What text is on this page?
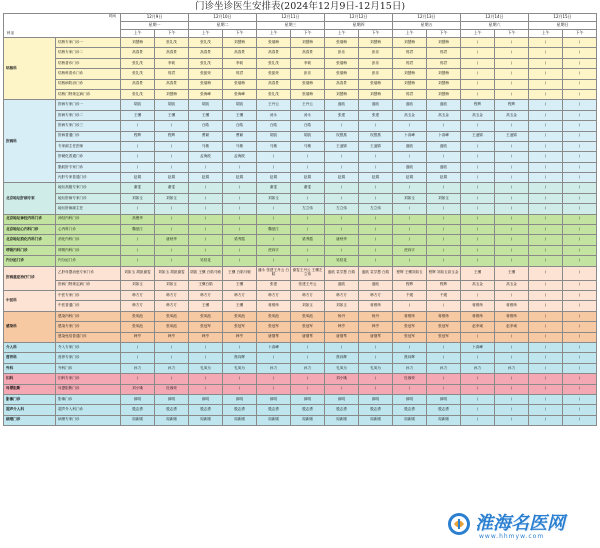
门诊坐诊医生安排表(2024年12月9日-12月15日)
时间
科室		12月9日		12月10日		12月11日		12月12日		12月13日		12月14日		12月15日	
		星期一		星期二		星期三		星期四		星期五		星期六		星期日	
		上午	下午	上午	下午	上午	下午	上午	下午	上午	下午	上午	下午	上午	下午
结核科	结核专家门诊一	刘慧梅	张礼茂	张礼茂	刘慧梅	张瑞梅	刘慧梅	张瑞梅	刘慧梅	刘慧梅	刘慧梅	/	/	/	/
	结核专家门诊二	高春景	高春景	高春景	高春景	高春景	高春景	彭乐	彭乐	郭君	郭君	/	/	/	/
	结核普诊门诊	张礼茂	李莉	张礼茂	李莉	张礼茂	李莉	张瑞梅	彭乐	郭君	郭君	/	/	/	/
	结核科普诊门诊	张礼茂	郭君	张振荣	郭君	张振荣	彭乐	张瑞梅	彭乐	刘慧梅	刘慧梅	/	/	/	/
	结核病防治门诊	高春景	高春景	张瑞梅	张瑞梅	高春景	张瑞梅	高春景	张瑞梅	刘慧梅	刘慧梅	/	/	/	/
	结核门特规定病门诊	张礼茂	刘慧梅	张海峰	张海峰	张礼茂	张瑞梅	刘慧梅	刘慧梅	郭君	刘慧梅	/	/	/	/
肝病科	肝病专家门诊一	胡凯	胡凯	胡凯	胡凯	王丹云	王丹云	盛欧	盛欧	盛欧	盛欧	程辉	程辉	/	/
	肝病专家门诊二	王骥	王骥	王骥	王骥	汤永	汤永	张建	张建	高玉金	高玉金	高玉金	高玉金	/	/
	肝病专家门诊三	/	/	白皓	白皓	白皓	白皓	/	/	/	/	/	/	/	/
	肝病普通门诊	程辉	程辉	曹颖	曹颖	胡凯	胡凯	权银燕	权银燕	卜高峰	卜高峰	王凌锦	王凌锦	/	/
	专家副主任医师	/	/	马敏	马敏	马敏	马敏	王凌锦	王凌锦	盛欧	盛欧	/	/	/	/
	肝硬化普通门诊	/	/	孟海波	孟海波	/	/	/	/	/	/	/	/	/	/
	脂肪肝专家门诊	/	/	/	/	/	/	/	/	盛欧	盛欧	/	/	/	/
	丙肝专家普通门诊	赵娟	赵娟	赵娟	赵娟	赵娟	赵娟	赵娟	赵娟	赵娟	赵娟	/	/	/	/
北京地坛肝病专家	地坛高级专家门诊	谢雯	谢雯	/	/	谢雯	谢雯	/	/	/	/	/	/	/	/
	地坛肝病专家门诊	刘如玉	刘如玉	/	/	刘如玉	/	/	/	刘如玉	刘如玉	/	/	/	/
	地坛肝病副主任	/	/	/	/	/	左立伟	左立伟	左立伟	/	/	/	/	/	/
北京地坛神经内科门诊	神经内科门诊	高俊华	/	/	/	/	/	/	/	/	/	/	/	/	/
北京地坛心内科门诊	心内科门诊	魏爱江	/	/	/	魏爱江	/	/	/	/	/	/	/	/	/
北京地坛消化内科门诊	消化内科门诊	/	唐秋华	/	梁秀霞	/	梁秀霞	唐秋华	/	/	/	/	/	/	/
呼吸内科门诊	呼吸内科门诊	/	/	/	/	虎向宇	/	/	/	虎向宇	/	/	/	/	/
内分泌门诊	内分泌门诊	/	/	吴桂花	/	/	/	吴桂花	/	/	/	/	/	/	/
肝病重症治疗门诊	乙肝母婴治愈专家门诊	刘如玉 胡凯谢雯	刘如玉 胡凯谢雯	胡凯 王骥 白皓马敏	王骥 白皓马敏	潘永 张建王丹云 白皓	谢雯王丹云 王骥左立伟	盛欧 袁学慧 白皓	盛欧 袁学慧 白皓	程辉 王骥刘如玉	程辉 刘如玉高玉金	王骥	王骥	/	/
	肝病门特规定病门诊	刘如玉	刘如玉	王骥白皓	王骥	张建	张建王丹云	盛欧	盛欧	程辉	程辉	高玉金	高玉金	/	/
中医科	中医专家门诊	韩方方	韩方方	韩方方	韩方方	韩方方	韩方方	韩方方	韩方方	千媛	千媛	/	/	/	/
	中医普通门诊	韩方方	韩方方	王骥	王骥	蒋维炜	刘如玉	刘如玉	蒋维炜	/	/	蒋维炜	蒋维炜	/	/
感染科	感染内科门诊	张凤池	张凤池	张凤池	张凤池	张凤池	张凤池	杨丹	杨丹	蒋维炜	蒋维炜	蒋维炜	蒋维炜	/	/
	感染专家门诊	张凤池	张凤池	张冠军	张冠军	张冠军	张冠军	韩亨	韩亨	张冠军	张冠军	赵孝诚	赵孝诚	/	/
	感染免疫普通门诊	韩亨	韩亨	韩亨	韩亨	唐继琴	唐继琴	唐继琴	唐继琴	张冠军	张冠军	/	/	/	/
介入科	介入专家门诊	/	/	/	/	卜高峰	/	/	/	/	/	卜高峰	/	/	/
营养科	营养专家门诊	/	/	/	焦向辉	/	/	焦向辉	/	焦向辉	/	/	/	/	/
外科	外科门诊	孙力	孙力	孔凤为	孔凤为	孙力	孙力	孔凤为	孔凤为	孙力	孙力	孙力	孙力	/	/
妇科	妇科专家门诊	/	/	/	/	/	/	刘小娥	/	杜蓉荣	/	/	/	/	/
母婴阻断	母婴阻断门诊	刘小娥	杜蓉荣	/	/	/	/	/	/	/	/	/	/	/	/
影像门诊	影像门诊	薛明	薛明	薛明	薛明	薛明	薛明	薛明	薛明	薛明	薛明	/	/	/	/
超声介入科	超声介入科门诊	殷志勇	殷志勇	殷志勇	殷志勇	殷志勇	殷志勇	殷志勇	殷志勇	殷志勇	殷志勇	/	/	/	/
病理门诊	病理专家门诊	周新刚	周新刚	周新刚	周新刚	周新刚	周新刚	周新刚	周新刚	周新刚	周新刚	/	/	/	/
淮海名医网
www.hhmyw.com
